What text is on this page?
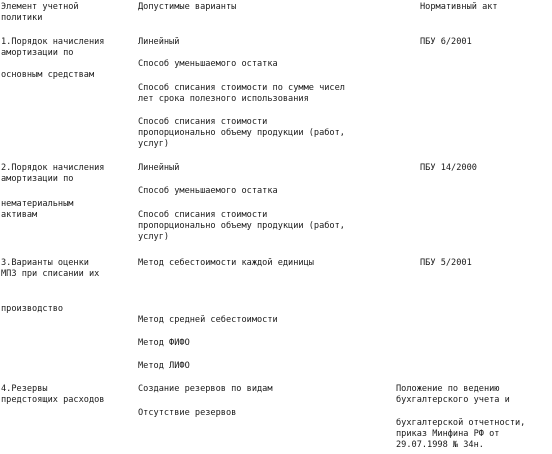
Элемент учетной
политики
Допустимые варианты	Нормативный акт
1.Порядок начисления
амортизации по
основным средствам
Линейный
Способ уменьшаемого остатка
Способ списания стоимости по сумме чисел
лет срока полезного использования
Способ списания стоимости
пропорционально объему продукции (работ,
услуг)
ПБУ 6/2001
2.Порядок начисления
амортизации по
нематериальным
активам
Линейный
Способ уменьшаемого остатка
Способ списания стоимости
пропорционально объему продукции (работ,
услуг)
ПБУ 14/2000
3.Варианты оценки
МПЗ при списании их
производство
Метод себестоимости каждой единицы
Метод средней себестоимости
Метод ФИФО
Метод ЛИФО
ПБУ 5/2001
4.Резервы
предстоящих расходов
Создание резервов по видам
Отсутствие резервов
Положение по ведению
бухгалтерского учета и
бухгалтерской отчетности,
приказ Минфина РФ от
29.07.1998 № 34н.
